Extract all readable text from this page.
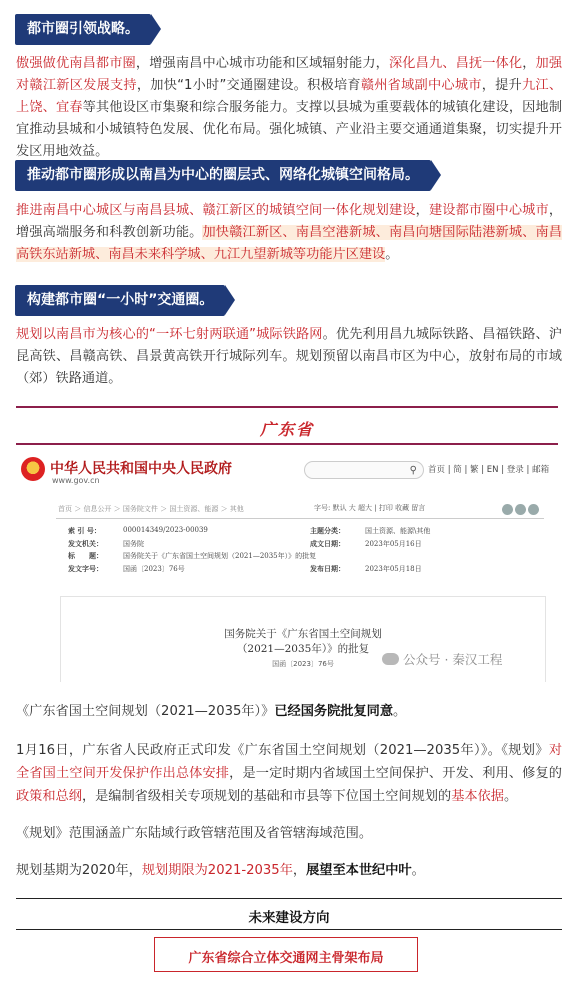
都市圈引领战略。
傲强做优南昌都市圈，增强南昌中心城市功能和区域辐射能力，深化昌九、昌抚一体化，加强对赣江新区发展支持，加快“1小时”交通圈建设。积极培育赣州省域副中心城市，提升九江、上饶、宜春等其他设区市集聚和综合服务能力。支撑以县城为重要载体的城镇化建设，因地制宜推动县城和小城镇特色发展、优化布局。强化城镇、产业沿主要交通通道集聚，切实提升开发区用地效益。
推动都市圈形成以南昌为中心的圈层式、网络化城镇空间格局。
推进南昌中心城区与南昌县城、赣江新区的城镇空间一体化规划建设，建设都市圈中心城市，增强高端服务和科教创新功能。加快赣江新区、南昌空港新城、南昌向塘国际陆港新城、南昌高铁东站新城、南昌未来科学城、九江九望新城等功能片区建设。
构建都市圈“一小时”交通圈。
规划以南昌市为核心的“一环七射两联通”城际铁路网。优先利用昌九城际铁路、昌福铁路、沪昆高铁、昌赣高铁、昌景黄高铁开行城际列车。规划预留以南昌市区为中心，放射布局的市域（郊）铁路通道。
广东省
中华人民共和国中央人民政府
www.gov.cn
⚲ 首页 | 简 | 繁 | EN | 登录 | 邮箱
首页 ＞ 信息公开 ＞ 国务院文件 ＞ 国土资源、能源 ＞ 其他	字号: 默认 大 超大 | 打印 收藏 留言
索 引 号：	000014349/2023-00039	主题分类：	国土资源、能源\其他
发文机关：	国务院	成文日期：	2023年05月16日
标　　题：	国务院关于《广东省国土空间规划（2021—2035年）》的批复
发文字号：	国函〔2023〕76号	发布日期：	2023年05月18日
国务院关于《广东省国土空间规划
（2021—2035年）》的批复
国函〔2023〕76号	公众号 · 秦汉工程
《广东省国土空间规划（2021—2035年）》已经国务院批复同意。
1月16日，广东省人民政府正式印发《广东省国土空间规划（2021—2035年）》。《规划》对全省国土空间开发保护作出总体安排，是一定时期内省域国土空间保护、开发、利用、修复的政策和总纲，是编制省级相关专项规划的基础和市县等下位国土空间规划的基本依据。
《规划》范围涵盖广东陆域行政管辖范围及省管辖海域范围。
规划基期为2020年，规划期限为2021-2035年，展望至本世纪中叶。
未来建设方向
广东省综合立体交通网主骨架布局
